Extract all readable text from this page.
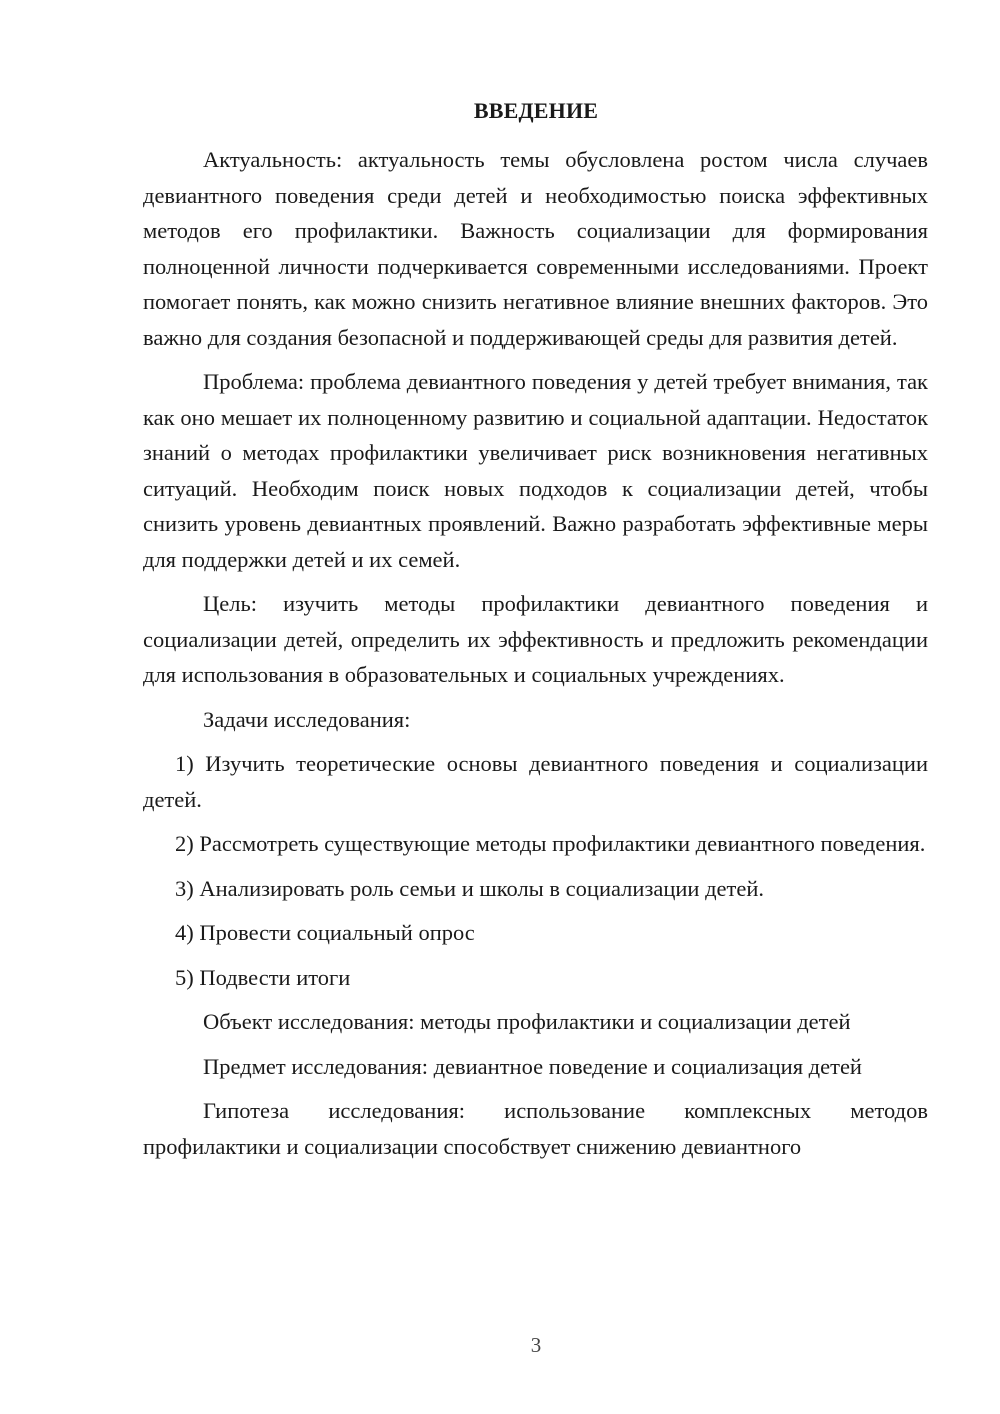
ВВЕДЕНИЕ

Актуальность: актуальность темы обусловлена ростом числа случаев девиантного поведения среди детей и необходимостью поиска эффективных методов его профилактики. Важность социализации для формирования полноценной личности подчеркивается современными исследованиями. Проект помогает понять, как можно снизить негативное влияние внешних факторов. Это важно для создания безопасной и поддерживающей среды для развития детей.

Проблема: проблема девиантного поведения у детей требует внимания, так как оно мешает их полноценному развитию и социальной адаптации. Недостаток знаний о методах профилактики увеличивает риск возникновения негативных ситуаций. Необходим поиск новых подходов к социализации детей, чтобы снизить уровень девиантных проявлений. Важно разработать эффективные меры для поддержки детей и их семей.

Цель: изучить методы профилактики девиантного поведения и социализации детей, определить их эффективность и предложить рекомендации для использования в образовательных и социальных учреждениях.

Задачи исследования:

1) Изучить теоретические основы девиантного поведения и социализации детей.

2) Рассмотреть существующие методы профилактики девиантного поведения.

3) Анализировать роль семьи и школы в социализации детей.

4) Провести социальный опрос

5) Подвести итоги

Объект исследования: методы профилактики и социализации детей

Предмет исследования: девиантное поведение и социализация детей

Гипотеза исследования: использование комплексных методов профилактики и социализации способствует снижению девиантного

3
